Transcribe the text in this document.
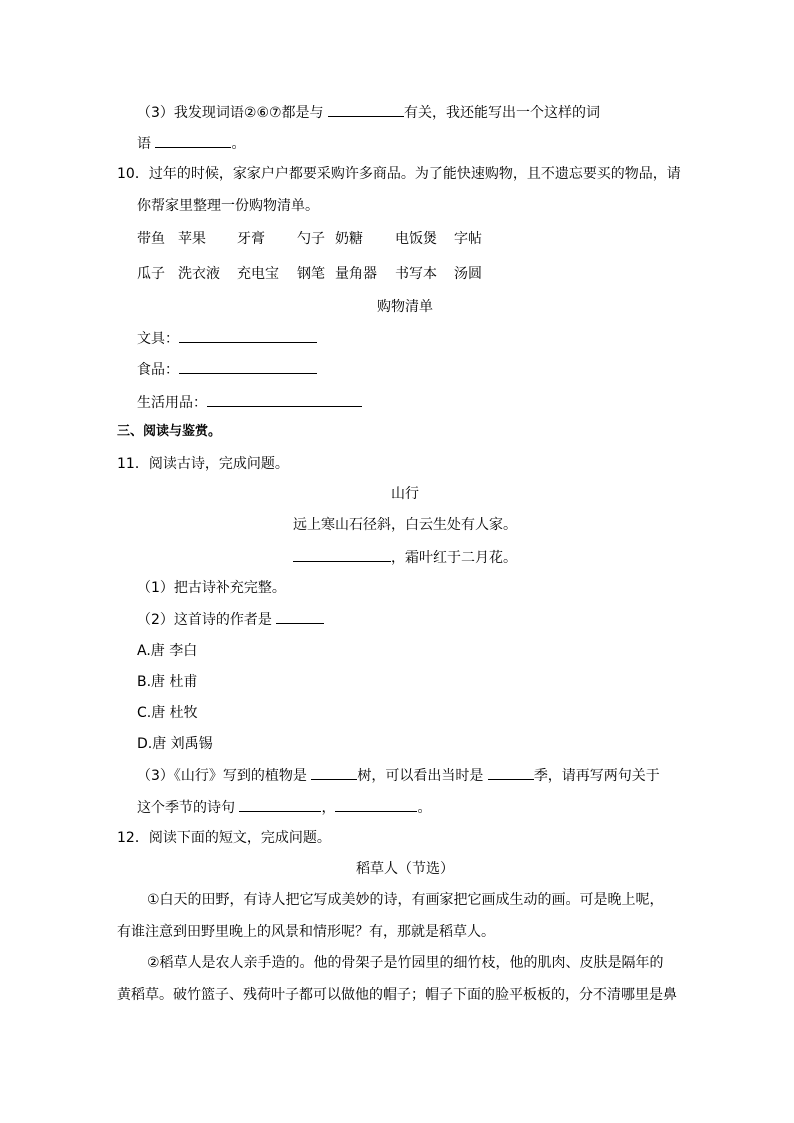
（3）我发现词语②⑥⑦都是与	有关，我还能写出一个这样的词
语	。
10．过年的时候，家家户户都要采购许多商品。为了能快速购物，且不遗忘要买的物品，请
你帮家里整理一份购物清单。
带鱼 苹果 牙膏 勺子 奶糖 电饭煲 字帖
瓜子 洗衣液 充电宝 钢笔 量角器 书写本 汤圆
购物清单
文具：
食品：
生活用品：
三、阅读与鉴赏。
11．阅读古诗，完成问题。
山行
远上寒山石径斜，白云生处有人家。
，霜叶红于二月花。
（1）把古诗补充完整。
（2）这首诗的作者是
A.唐 李白
B.唐 杜甫
C.唐 杜牧
D.唐 刘禹锡
（3）《山行》写到的植物是	树，可以看出当时是	季，请再写两句关于
这个季节的诗句	，	。
12．阅读下面的短文，完成问题。
稻草人（节选）
①白天的田野，有诗人把它写成美妙的诗，有画家把它画成生动的画。可是晚上呢，
有谁注意到田野里晚上的风景和情形呢？有，那就是稻草人。
②稻草人是农人亲手造的。他的骨架子是竹园里的细竹枝，他的肌肉、皮肤是隔年的
黄稻草。破竹篮子、残荷叶子都可以做他的帽子；帽子下面的脸平板板的，分不清哪里是鼻
